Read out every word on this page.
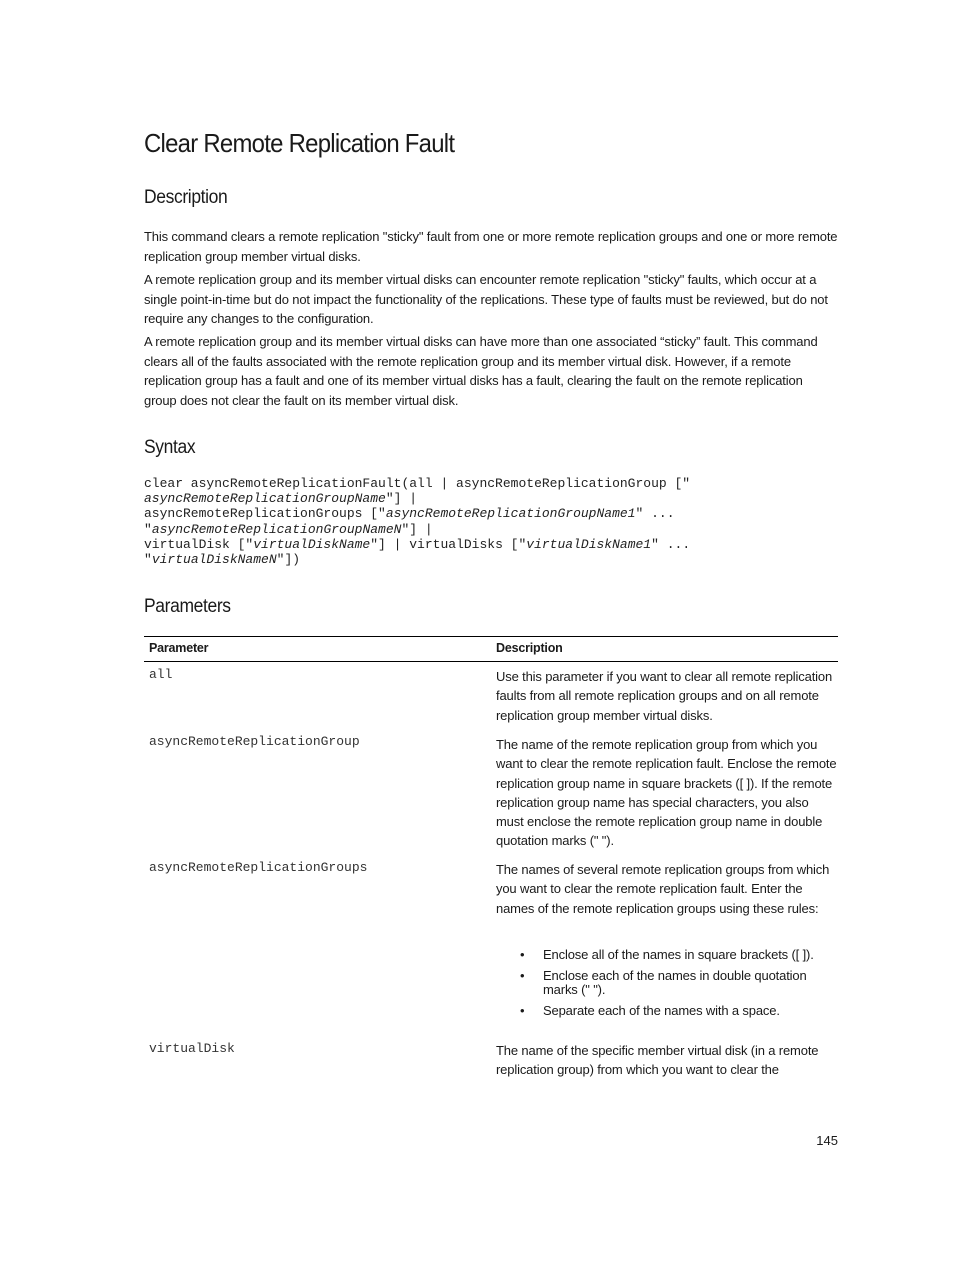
Clear Remote Replication Fault
Description

This command clears a remote replication "sticky" fault from one or more remote replication groups and one or more remote replication group member virtual disks.

A remote replication group and its member virtual disks can encounter remote replication "sticky" faults, which occur at a single point-in-time but do not impact the functionality of the replications. These type of faults must be reviewed, but do not require any changes to the configuration.

A remote replication group and its member virtual disks can have more than one associated “sticky” fault. This command clears all of the faults associated with the remote replication group and its member virtual disk. However, if a remote replication group has a fault and one of its member virtual disks has a fault, clearing the fault on the remote replication group does not clear the fault on its member virtual disk.

Syntax
clear asyncRemoteReplicationFault(all | asyncRemoteReplicationGroup ["
asyncRemoteReplicationGroupName"] |
asyncRemoteReplicationGroups ["asyncRemoteReplicationGroupName1" ...
"asyncRemoteReplicationGroupNameN"] |
virtualDisk ["virtualDiskName"] | virtualDisks ["virtualDiskName1" ...
"virtualDiskNameN"])
Parameters
Parameter	Description
all	Use this parameter if you want to clear all remote replication faults from all remote replication groups and on all remote replication group member virtual disks.

asyncRemoteReplicationGroup	The name of the remote replication group from which you want to clear the remote replication fault. Enclose the remote replication group name in square brackets ([ ]). If the remote replication group name has special characters, you also must enclose the remote replication group name in double quotation marks (" ").

asyncRemoteReplicationGroups	The names of several remote replication groups from which you want to clear the remote replication fault. Enter the names of the remote replication groups using these rules:

• Enclose all of the names in square brackets ([ ]).
• Enclose each of the names in double quotation marks (" ").
• Separate each of the names with a space.
virtualDisk	The name of the specific member virtual disk (in a remote replication group) from which you want to clear the

145
